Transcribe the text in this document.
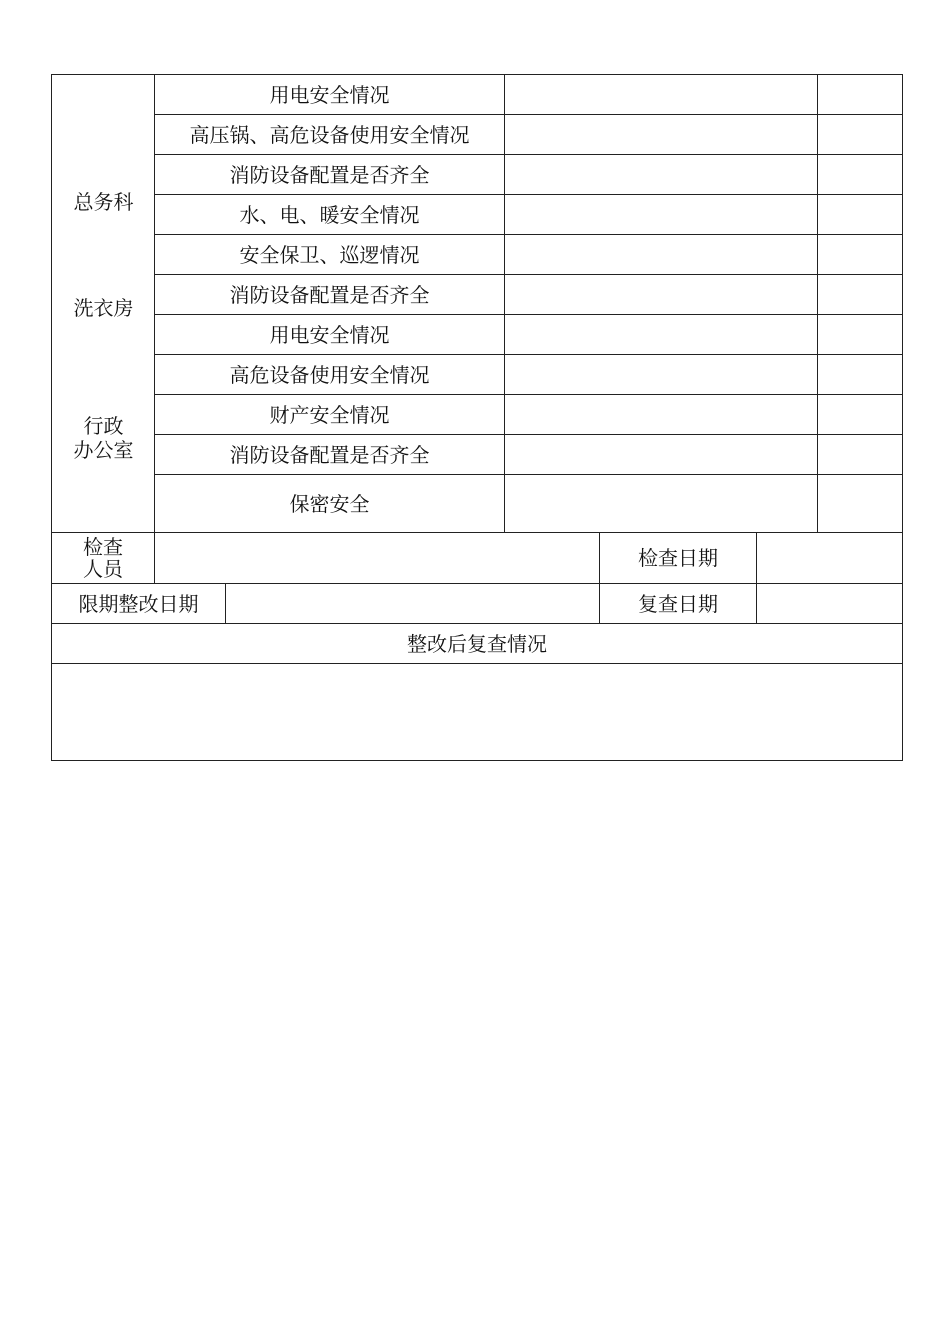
总务科
洗衣房
行政
办公室
用电安全情况
高压锅、高危设备使用安全情况
消防设备配置是否齐全
水、电、暖安全情况
安全保卫、巡逻情况
消防设备配置是否齐全
用电安全情况
高危设备使用安全情况
财产安全情况
消防设备配置是否齐全
保密安全
检查
人员	检查日期
限期整改日期	复查日期
整改后复查情况
